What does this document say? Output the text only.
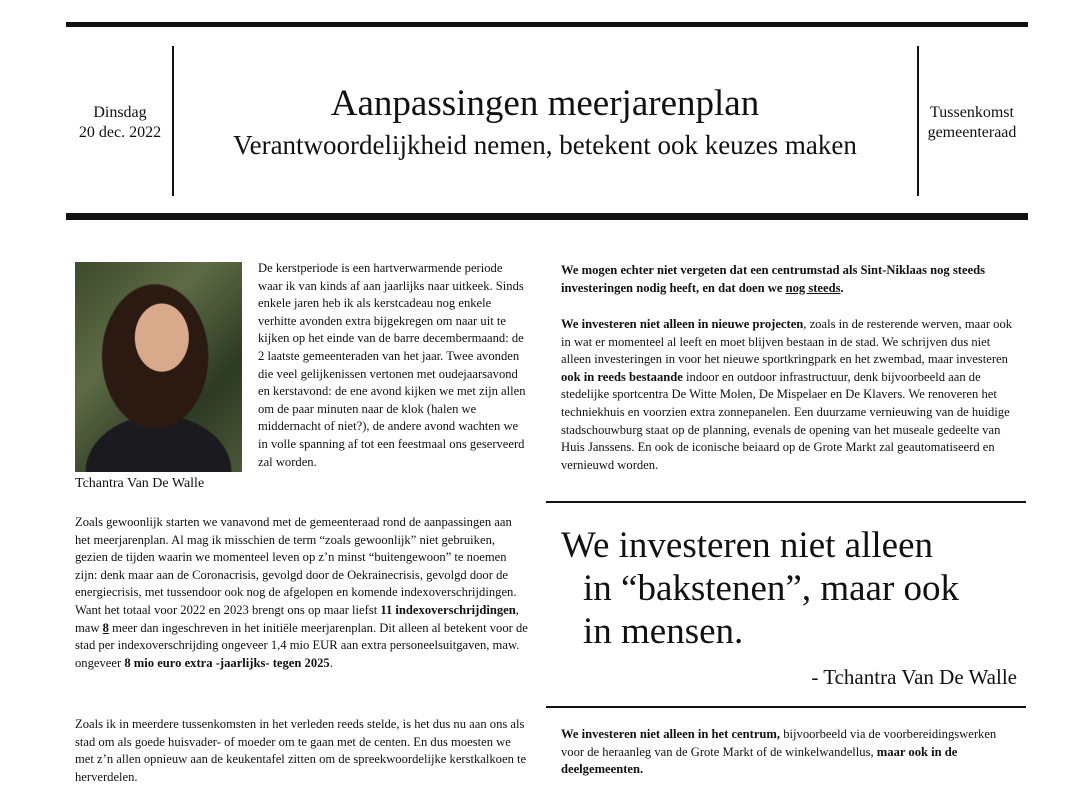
Dinsdag
20 dec. 2022
Aanpassingen meerjarenplan
Verantwoordelijkheid nemen, betekent ook keuzes maken
Tussenkomst
gemeenteraad
Tchantra Van De Walle

De kerstperiode is een hartverwarmende periode waar ik van kinds af aan jaarlijks naar uitkeek. Sinds enkele jaren heb ik als kerstcadeau nog enkele verhitte avonden extra bijgekregen om naar uit te kijken op het einde van de barre decembermaand: de 2 laatste gemeenteraden van het jaar. Twee avonden die veel gelijkenissen vertonen met oudejaarsavond en kerstavond: de ene avond kijken we met zijn allen om de paar minuten naar de klok (halen we middernacht of niet?), de andere avond wachten we in volle spanning af tot een feestmaal ons geserveerd zal worden.

Zoals gewoonlijk starten we vanavond met de gemeenteraad rond de aanpassingen aan het meerjarenplan. Al mag ik misschien de term “zoals gewoonlijk” niet gebruiken, gezien de tijden waarin we momenteel leven op z’n minst “buitengewoon” te noemen zijn: denk maar aan de Coronacrisis, gevolgd door de Oekrainecrisis, gevolgd door de energiecrisis, met tussendoor ook nog de afgelopen en komende indexoverschrijdingen. Want het totaal voor 2022 en 2023 brengt ons op maar liefst 11 indexoverschrijdingen, maw 8 meer dan ingeschreven in het initiële meerjarenplan. Dit alleen al betekent voor de stad per indexoverschrijding ongeveer 1,4 mio EUR aan extra personeelsuitgaven, maw. ongeveer 8 mio euro extra -jaarlijks- tegen 2025.

Zoals ik in meerdere tussenkomsten in het verleden reeds stelde, is het dus nu aan ons als stad om als goede huisvader- of moeder om te gaan met de centen. En dus moesten we met z’n allen opnieuw aan de keukentafel zitten om de spreekwoordelijke kerstkalkoen te herverdelen.

We mogen echter niet vergeten dat een centrumstad als Sint-Niklaas nog steeds investeringen nodig heeft, en dat doen we nog steeds.

We investeren niet alleen in nieuwe projecten, zoals in de resterende werven, maar ook in wat er momenteel al leeft en moet blijven bestaan in de stad. We schrijven dus niet alleen investeringen in voor het nieuwe sportkringpark en het zwembad, maar investeren ook in reeds bestaande indoor en outdoor infrastructuur, denk bijvoorbeeld aan de stedelijke sportcentra De Witte Molen, De Mispelaer en De Klavers. We renoveren het techniekhuis en voorzien extra zonnepanelen. Een duurzame vernieuwing van de huidige stadschouwburg staat op de planning, evenals de opening van het museale gedeelte van Huis Janssens. En ook de iconische beiaard op de Grote Markt zal geautomatiseerd en vernieuwd worden.

We investeren niet alleen
in “bakstenen”, maar ook
in mensen.

- Tchantra Van De Walle

We investeren niet alleen in het centrum, bijvoorbeeld via de voorbereidingswerken voor de heraanleg van de Grote Markt of de winkelwandellus, maar ook in de deelgemeenten.
